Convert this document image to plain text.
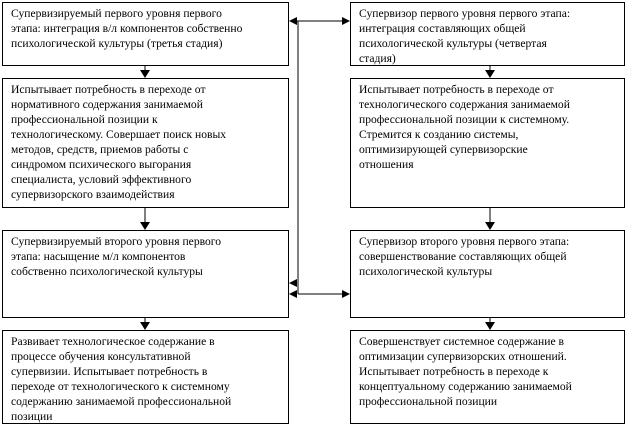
Супервизируемый первого уровня первого
этапа: интеграция в/л компонентов собственно
психологической культуры (третья стадия)

Испытывает потребность в переходе от
нормативного содержания занимаемой
профессиональной позиции к
технологическому. Совершает поиск новых
методов, средств, приемов работы с
синдромом психического выгорания
специалиста, условий эффективного
супервизорского взаимодействия

Супервизируемый второго уровня первого
этапа: насыщение м/л компонентов
собственно психологической культуры

Развивает технологическое содержание в
процессе обучения консультативной
супервизии. Испытывает потребность в
переходе от технологического к системному
содержанию занимаемой профессиональной
позиции

Супервизор первого уровня первого этапа:
интеграция составляющих общей
психологической культуры (четвертая
стадия)

Испытывает потребность в переходе от
технологического содержания занимаемой
профессиональной позиции к системному.
Стремится к созданию системы,
оптимизирующей супервизорские
отношения

Супервизор второго уровня первого этапа:
совершенствование составляющих общей
психологической культуры

Совершенствует системное содержание в
оптимизации супервизорских отношений.
Испытывает потребность в переходе к
концептуальному содержанию занимаемой
профессиональной позиции
